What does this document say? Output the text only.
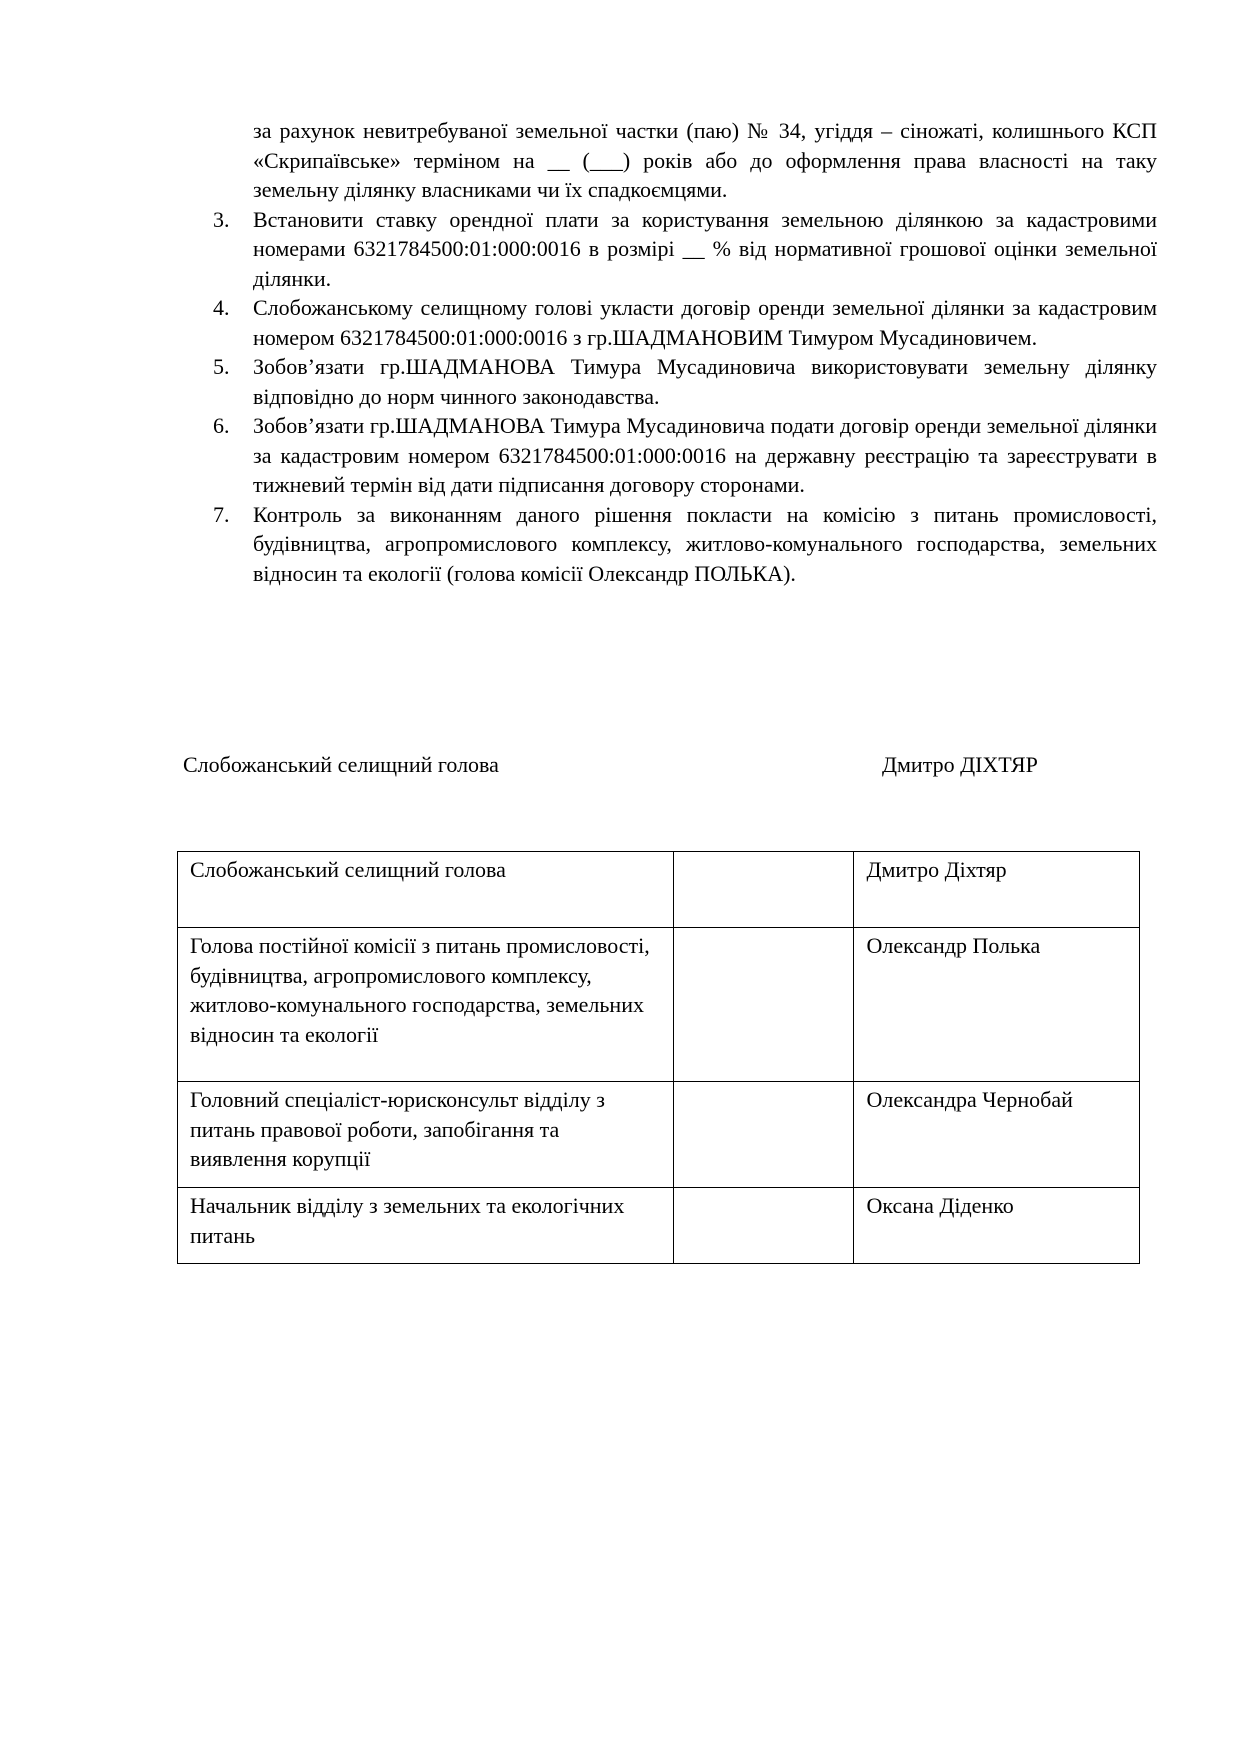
за рахунок невитребуваної земельної частки (паю) № 34, угіддя – сіножаті, колишнього КСП «Скрипаївське» терміном на __ (___) років або до оформлення права власності на таку земельну ділянку власниками чи їх спадкоємцями.

3.	Встановити ставку орендної плати за користування земельною ділянкою за кадастровими номерами 6321784500:01:000:0016 в розмірі __ % від нормативної грошової оцінки земельної ділянки.
4.	Слобожанському селищному голові укласти договір оренди земельної ділянки за кадастровим номером 6321784500:01:000:0016 з гр.ШАДМАНОВИМ Тимуром Мусадиновичем.
5.	Зобов’язати гр.ШАДМАНОВА Тимура Мусадиновича використовувати земельну ділянку відповідно до норм чинного законодавства.
6.	Зобов’язати гр.ШАДМАНОВА Тимура Мусадиновича подати договір оренди земельної ділянки за кадастровим номером 6321784500:01:000:0016 на державну реєстрацію та зареєструвати в тижневий термін від дати підписання договору сторонами.
7.	Контроль за виконанням даного рішення покласти на комісію з питань промисловості, будівництва, агропромислового комплексу, житлово-комунального господарства, земельних відносин та екології (голова комісії Олександр ПОЛЬКА).
Слобожанський селищний голова	Дмитро ДІХТЯР
Слобожанський селищний голова		Дмитро Діхтяр
Голова постійної комісії з питань промисловості, будівництва, агропромислового комплексу, житлово-комунального господарства, земельних відносин та екології		Олександр Полька
Головний спеціаліст-юрисконсульт відділу з питань правової роботи, запобігання та виявлення корупції		Олександра Чернобай
Начальник відділу з земельних та екологічних питань		Оксана Діденко
